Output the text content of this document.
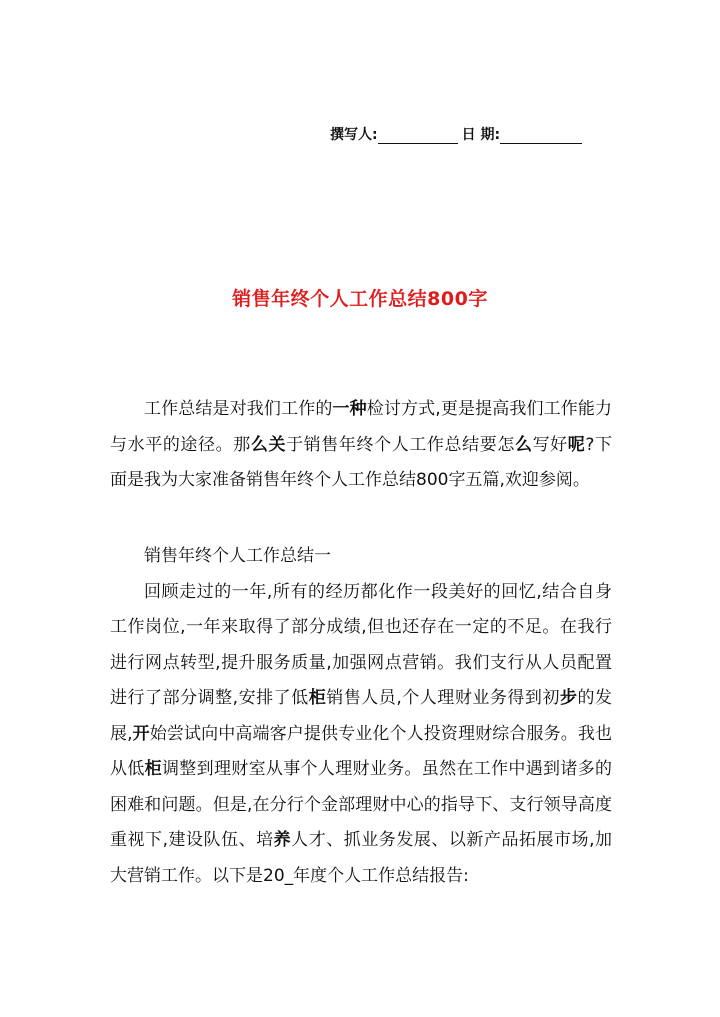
撰写人:	日 期:
销售年终个人工作总结800字

工作总结是对我们工作的一种检讨方式,更是提高我们工作能力与水平的途径。那么关于销售年终个人工作总结要怎么写好呢?下面是我为大家准备销售年终个人工作总结800字五篇,欢迎参阅。

销售年终个人工作总结一

回顾走过的一年,所有的经历都化作一段美好的回忆,结合自身工作岗位,一年来取得了部分成绩,但也还存在一定的不足。在我行进行网点转型,提升服务质量,加强网点营销。我们支行从人员配置进行了部分调整,安排了低柜销售人员,个人理财业务得到初步的发展,开始尝试向中高端客户提供专业化个人投资理财综合服务。我也从低柜调整到理财室从事个人理财业务。虽然在工作中遇到诸多的困难和问题。但是,在分行个金部理财中心的指导下、支行领导高度重视下,建设队伍、培养人才、抓业务发展、以新产品拓展市场,加大营销工作。以下是20_年度个人工作总结报告:
